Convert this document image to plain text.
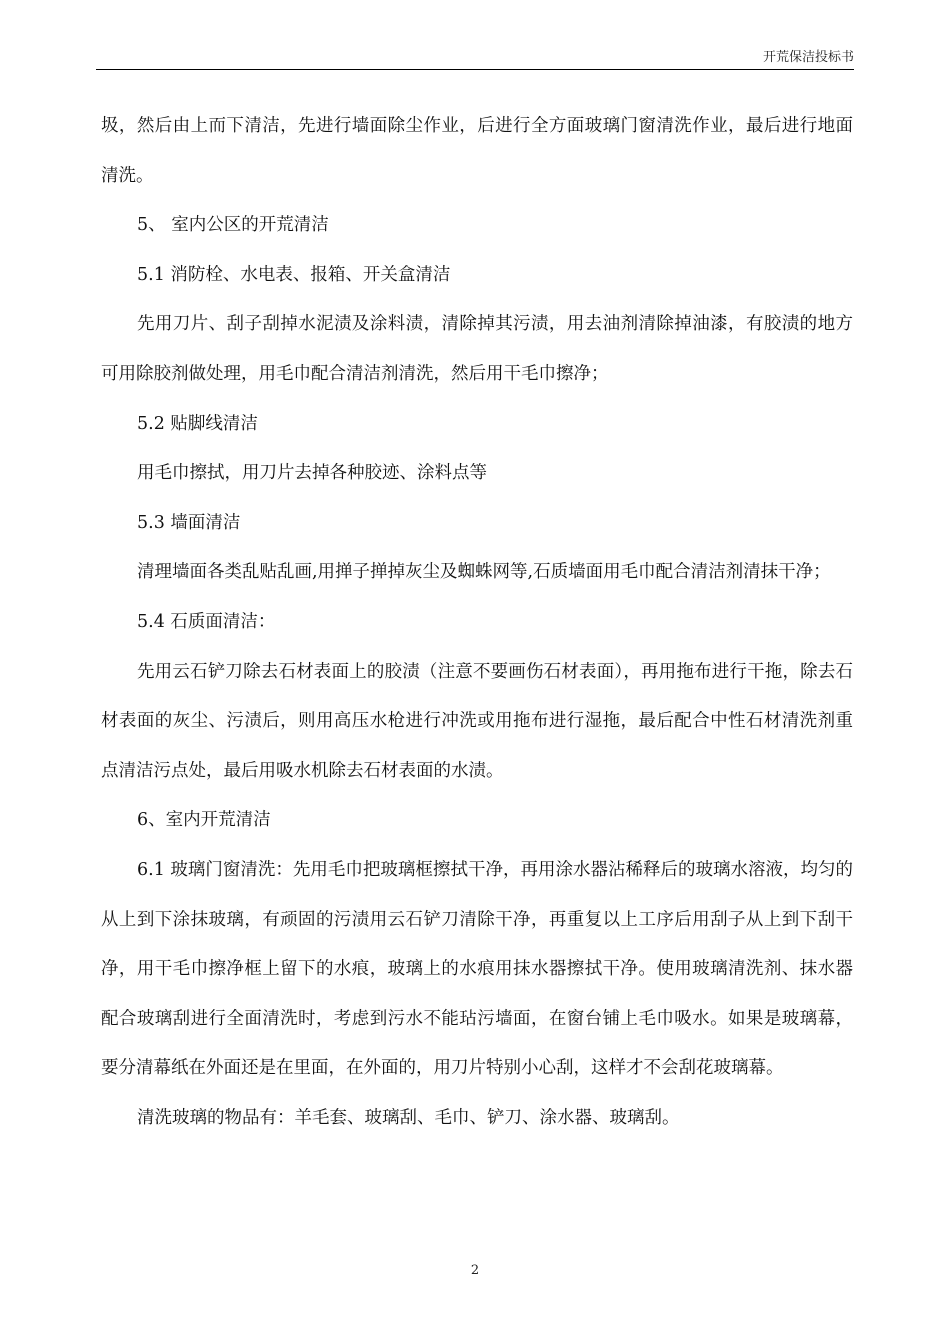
开荒保洁投标书

圾，然后由上而下清洁，先进行墙面除尘作业，后进行全方面玻璃门窗清洗作业，最后进行地面清洗。

5、 室内公区的开荒清洁

5.1 消防栓、水电表、报箱、开关盒清洁

先用刀片、刮子刮掉水泥渍及涂料渍，清除掉其污渍，用去油剂清除掉油漆，有胶渍的地方可用除胶剂做处理，用毛巾配合清洁剂清洗，然后用干毛巾擦净；

5.2 贴脚线清洁

用毛巾擦拭，用刀片去掉各种胶迹、涂料点等

5.3 墙面清洁

清理墙面各类乱贴乱画,用掸子掸掉灰尘及蜘蛛网等,石质墙面用毛巾配合清洁剂清抹干净；

5.4 石质面清洁：

先用云石铲刀除去石材表面上的胶渍（注意不要画伤石材表面），再用拖布进行干拖，除去石材表面的灰尘、污渍后，则用高压水枪进行冲洗或用拖布进行湿拖，最后配合中性石材清洗剂重点清洁污点处，最后用吸水机除去石材表面的水渍。

6、室内开荒清洁

6.1 玻璃门窗清洗：先用毛巾把玻璃框擦拭干净，再用涂水器沾稀释后的玻璃水溶液，均匀的从上到下涂抹玻璃，有顽固的污渍用云石铲刀清除干净，再重复以上工序后用刮子从上到下刮干净，用干毛巾擦净框上留下的水痕，玻璃上的水痕用抹水器擦拭干净。使用玻璃清洗剂、抹水器配合玻璃刮进行全面清洗时，考虑到污水不能玷污墙面，在窗台铺上毛巾吸水。如果是玻璃幕，要分清幕纸在外面还是在里面，在外面的，用刀片特别小心刮，这样才不会刮花玻璃幕。

清洗玻璃的物品有：羊毛套、玻璃刮、毛巾、铲刀、涂水器、玻璃刮。

2
